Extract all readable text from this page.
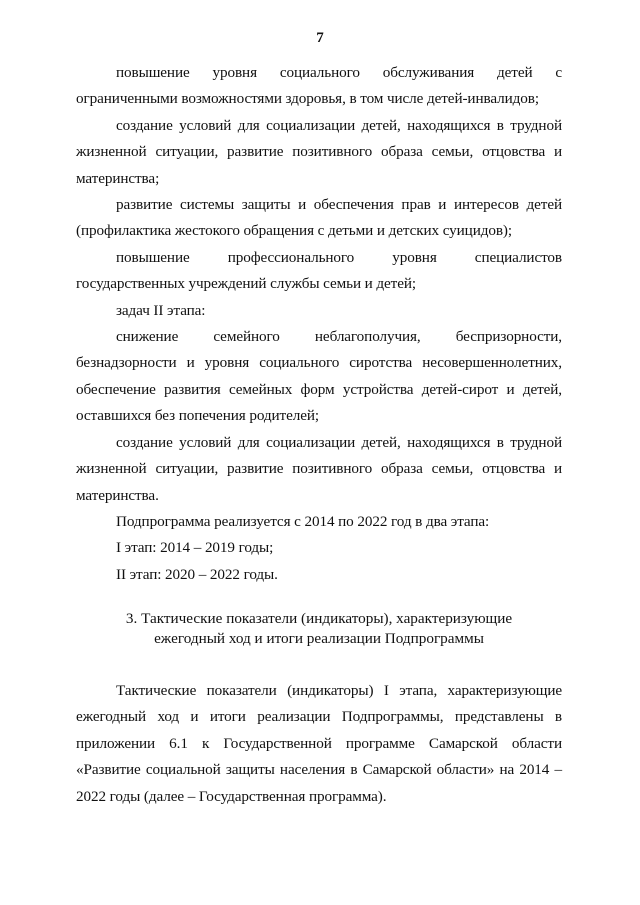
7

повышение уровня социального обслуживания детей с ограниченными возможностями здоровья, в том числе детей-инвалидов;

создание условий для социализации детей, находящихся в трудной жизненной ситуации, развитие позитивного образа семьи, отцовства и материнства;

развитие системы защиты и обеспечения прав и интересов детей (профилактика жестокого обращения с детьми и детских суицидов);

повышение профессионального уровня специалистов государственных учреждений службы семьи и детей;

задач II этапа:

снижение семейного неблагополучия, беспризорности, безнадзорности и уровня социального сиротства несовершеннолетних, обеспечение развития семейных форм устройства детей-сирот и детей, оставшихся без попечения родителей;

создание условий для социализации детей, находящихся в трудной жизненной ситуации, развитие позитивного образа семьи, отцовства и материнства.

Подпрограмма реализуется с 2014 по 2022 год в два этапа:

I этап: 2014 – 2019 годы;

II этап: 2020 – 2022 годы.

3. Тактические показатели (индикаторы), характеризующие
ежегодный ход и итоги реализации Подпрограммы

Тактические показатели (индикаторы) I этапа, характеризующие ежегодный ход и итоги реализации Подпрограммы, представлены в приложении 6.1 к Государственной программе Самарской области «Развитие социальной защиты населения в Самарской области» на 2014 – 2022 годы (далее – Государственная программа).
